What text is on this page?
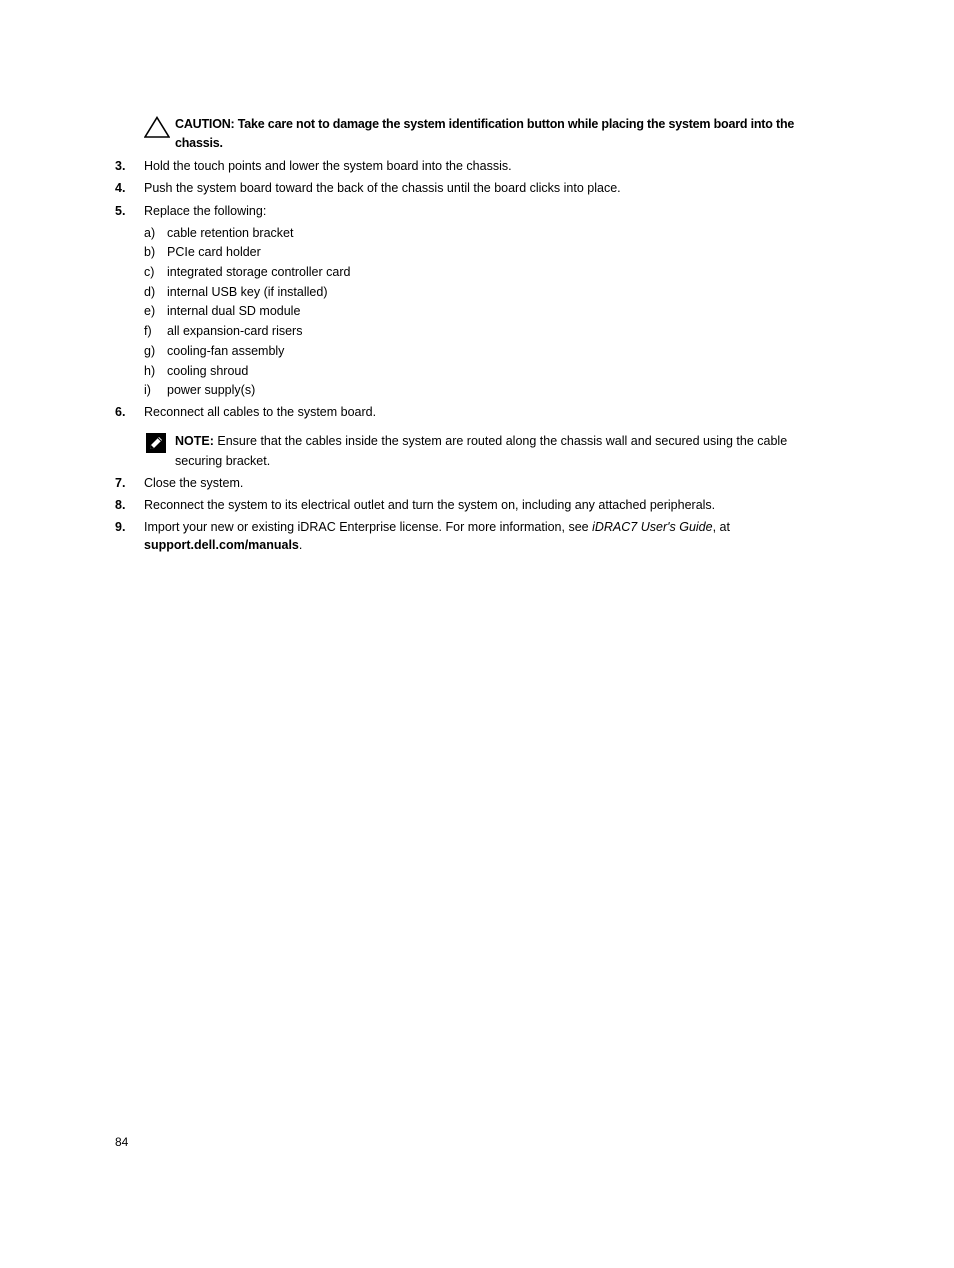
CAUTION: Take care not to damage the system identification button while placing the system board into the chassis.
3.	Hold the touch points and lower the system board into the chassis.
4.	Push the system board toward the back of the chassis until the board clicks into place.
5.	Replace the following:
a) cable retention bracket
b) PCIe card holder
c) integrated storage controller card
d) internal USB key (if installed)
e) internal dual SD module
f) all expansion-card risers
g) cooling-fan assembly
h) cooling shroud
i) power supply(s)
6.	Reconnect all cables to the system board.
NOTE: Ensure that the cables inside the system are routed along the chassis wall and secured using the cable securing bracket.
7.	Close the system.
8.	Reconnect the system to its electrical outlet and turn the system on, including any attached peripherals.
9.	Import your new or existing iDRAC Enterprise license. For more information, see iDRAC7 User's Guide, at
support.dell.com/manuals.
84
